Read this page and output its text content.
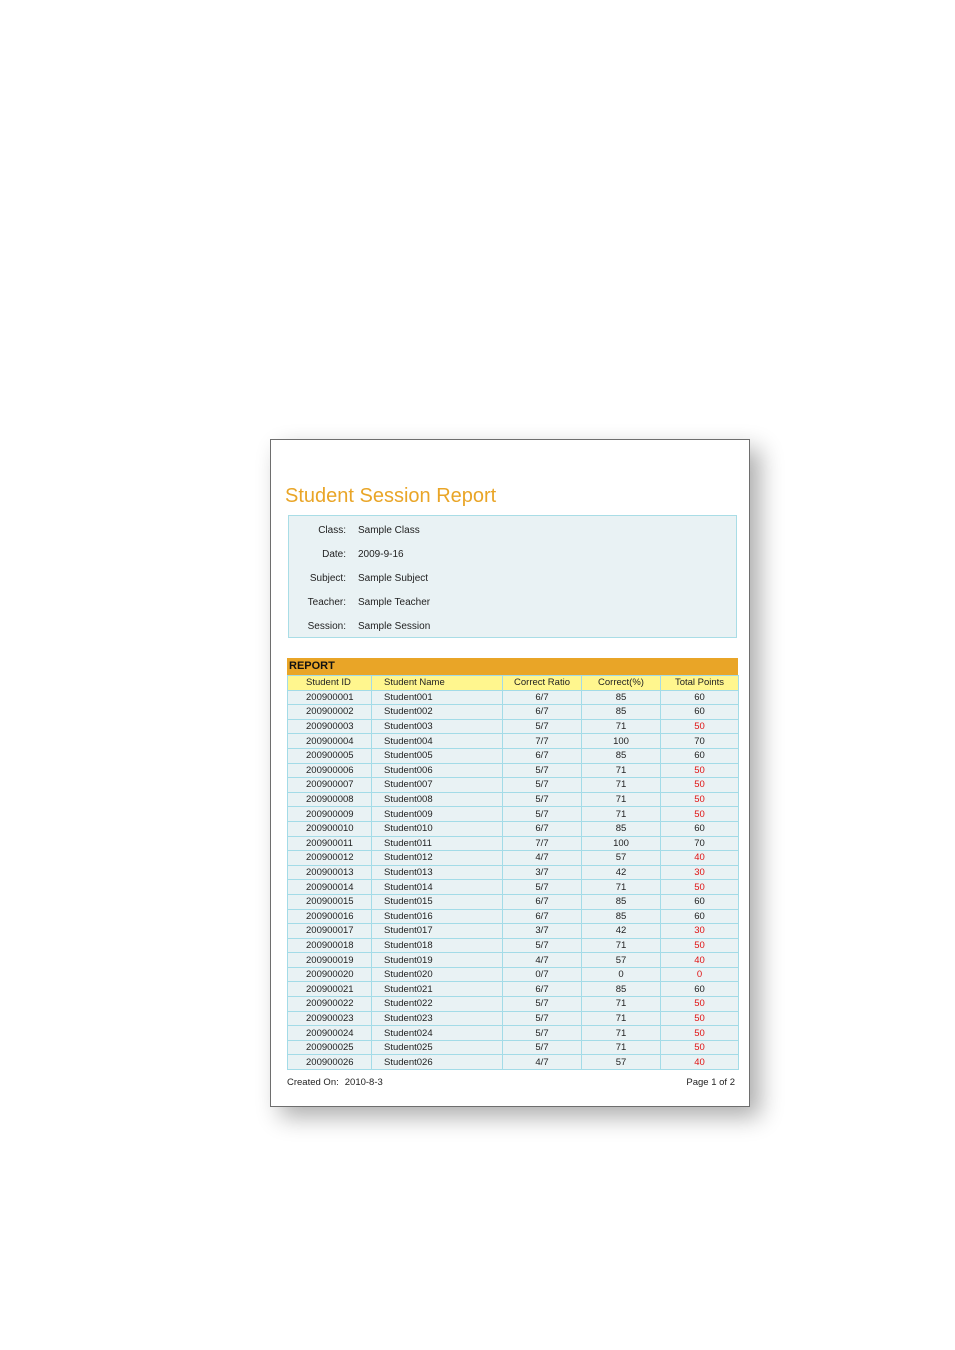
Student Session Report
Class: Sample Class
Date: 2009-9-16
Subject: Sample Subject
Teacher: Sample Teacher
Session: Sample Session
REPORT
Student ID	Student Name	Correct Ratio	Correct(%)	Total Points
200900001	Student001	6/7	85	60
200900002	Student002	6/7	85	60
200900003	Student003	5/7	71	50
200900004	Student004	7/7	100	70
200900005	Student005	6/7	85	60
200900006	Student006	5/7	71	50
200900007	Student007	5/7	71	50
200900008	Student008	5/7	71	50
200900009	Student009	5/7	71	50
200900010	Student010	6/7	85	60
200900011	Student011	7/7	100	70
200900012	Student012	4/7	57	40
200900013	Student013	3/7	42	30
200900014	Student014	5/7	71	50
200900015	Student015	6/7	85	60
200900016	Student016	6/7	85	60
200900017	Student017	3/7	42	30
200900018	Student018	5/7	71	50
200900019	Student019	4/7	57	40
200900020	Student020	0/7	0	0
200900021	Student021	6/7	85	60
200900022	Student022	5/7	71	50
200900023	Student023	5/7	71	50
200900024	Student024	5/7	71	50
200900025	Student025	5/7	71	50
200900026	Student026	4/7	57	40
Created On: 2010-8-3	Page 1 of 2
